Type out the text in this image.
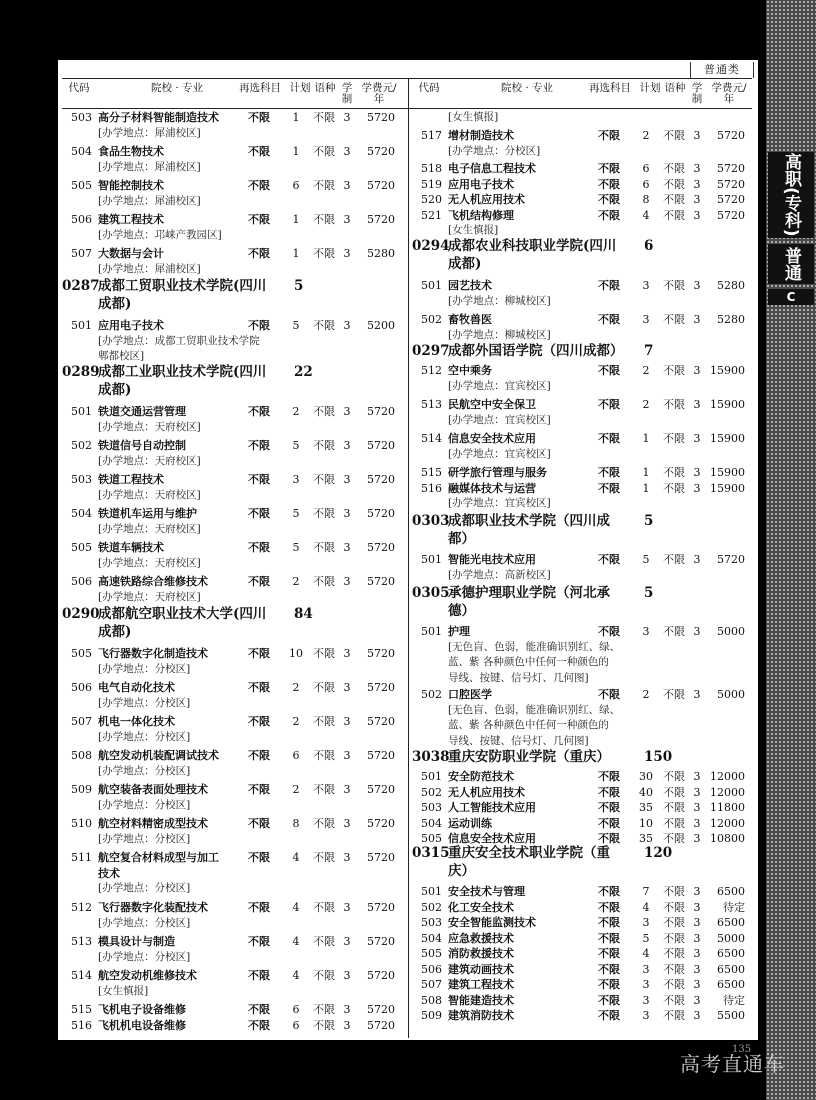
普通类
代码	院校 · 专业	再选科目 计划 语种 学制
学费元/年
503 高分子材料智能制造技术	不限	1	不限 3	5720
[办学地点：犀浦校区]
504 食品生物技术	不限	1	不限 3	5720
[办学地点：犀浦校区]
505 智能控制技术	不限	6	不限 3	5720
[办学地点：犀浦校区]
506 建筑工程技术	不限	1	不限 3	5720
[办学地点：邛崃产教园区]
507 大数据与会计	不限	1	不限 3	5280
[办学地点：犀浦校区]
0287
成都工贸职业技术学院(四川 5
成都)
501 应用电子技术	不限	5	不限 3	5200
[办学地点：成都工贸职业技术学院
郫都校区]
0289
成都工业职业技术学院(四川 22
成都)
501 铁道交通运营管理	不限	2	不限 3	5720
[办学地点：天府校区]
502 铁道信号自动控制	不限	5	不限 3	5720
[办学地点：天府校区]
503 铁道工程技术	不限	3	不限 3	5720
[办学地点：天府校区]
504 铁道机车运用与维护	不限	5	不限 3	5720
[办学地点：天府校区]
505 铁道车辆技术	不限	5	不限 3	5720
[办学地点：天府校区]
506 高速铁路综合维修技术	不限	2	不限 3	5720
[办学地点：天府校区]
0290
成都航空职业技术大学(四川 84
成都)
505 飞行器数字化制造技术	不限	10 不限 3	5720
[办学地点：分校区]
506 电气自动化技术	不限	2	不限 3	5720
[办学地点：分校区]
507 机电一体化技术	不限	2	不限 3	5720
[办学地点：分校区]
508 航空发动机装配调试技术	不限	6	不限 3	5720
[办学地点：分校区]
509 航空装备表面处理技术	不限	2	不限 3	5720
[办学地点：分校区]
510 航空材料精密成型技术	不限	8	不限 3	5720
[办学地点：分校区]
511 航空复合材料成型与加工	不限	4	不限 3	5720
技术
[办学地点：分校区]
512 飞行器数字化装配技术	不限	4	不限 3	5720
[办学地点：分校区]
513 模具设计与制造	不限	4	不限 3	5720
[办学地点：分校区]
514 航空发动机维修技术	不限	4	不限 3	5720
[女生慎报]
515 飞机电子设备维修	不限	6	不限 3	5720
516 飞机机电设备维修	不限	6	不限 3	5720
代码	院校 · 专业	再选科目 计划 语种 学制
学费元/年
[女生慎报]
517 增材制造技术	不限	2	不限 3	5720
[办学地点：分校区]
518 电子信息工程技术	不限	6	不限 3	5720
519 应用电子技术	不限	6	不限 3	5720
520 无人机应用技术	不限	8	不限 3	5720
521 飞机结构修理	不限	4	不限 3	5720
[女生慎报]
0294
成都农业科技职业学院(四川 6
成都)
501 园艺技术	不限	3	不限 3	5280
[办学地点：柳城校区]
502 畜牧兽医	不限	3	不限 3	5280
[办学地点：柳城校区]
0297
成都外国语学院（四川成都） 7
512 空中乘务	不限	2	不限 3 15900
[办学地点：宜宾校区]
513 民航空中安全保卫	不限	2	不限 3 15900
[办学地点：宜宾校区]
514 信息安全技术应用	不限	1	不限 3 15900
[办学地点：宜宾校区]
515 研学旅行管理与服务	不限	1	不限 3 15900
516 融媒体技术与运营	不限	1	不限 3 15900
[办学地点：宜宾校区]
0303
成都职业技术学院（四川成	5
都）
501 智能光电技术应用	不限	5	不限 3	5720
[办学地点：高新校区]
0305
承德护理职业学院（河北承	5
德）
501 护理	不限	3	不限 3	5000
[无色盲、色弱，能准确识别红、绿、
蓝、紫 各种颜色中任何一种颜色的
导线、按键、信号灯、几何图]
502 口腔医学	不限	2	不限 3	5000
[无色盲、色弱，能准确识别红、绿、
蓝、紫 各种颜色中任何一种颜色的
导线、按键、信号灯、几何图]
3038
重庆安防职业学院（重庆）	150
501 安全防范技术	不限	30 不限 3 12000
502 无人机应用技术	不限	40 不限 3 12000
503 人工智能技术应用	不限	35 不限 3 11800
504 运动训练	不限	10 不限 3 12000
505 信息安全技术应用	不限	35 不限 3 10800
0315
重庆安全技术职业学院（重	120
庆）
501 安全技术与管理	不限	7	不限 3	6500
502 化工安全技术	不限	4	不限 3	待定
503 安全智能监测技术	不限	3	不限 3	6500
504 应急救援技术	不限	5	不限 3	5000
505 消防救援技术	不限	4	不限 3	6500
506 建筑动画技术	不限	3	不限 3	6500
507 建筑工程技术	不限	3	不限 3	6500
508 智能建造技术	不限	3	不限 3	待定
509 建筑消防技术	不限	3	不限 3	5500
高职(专科)
普通类
C
135
高考直通车
